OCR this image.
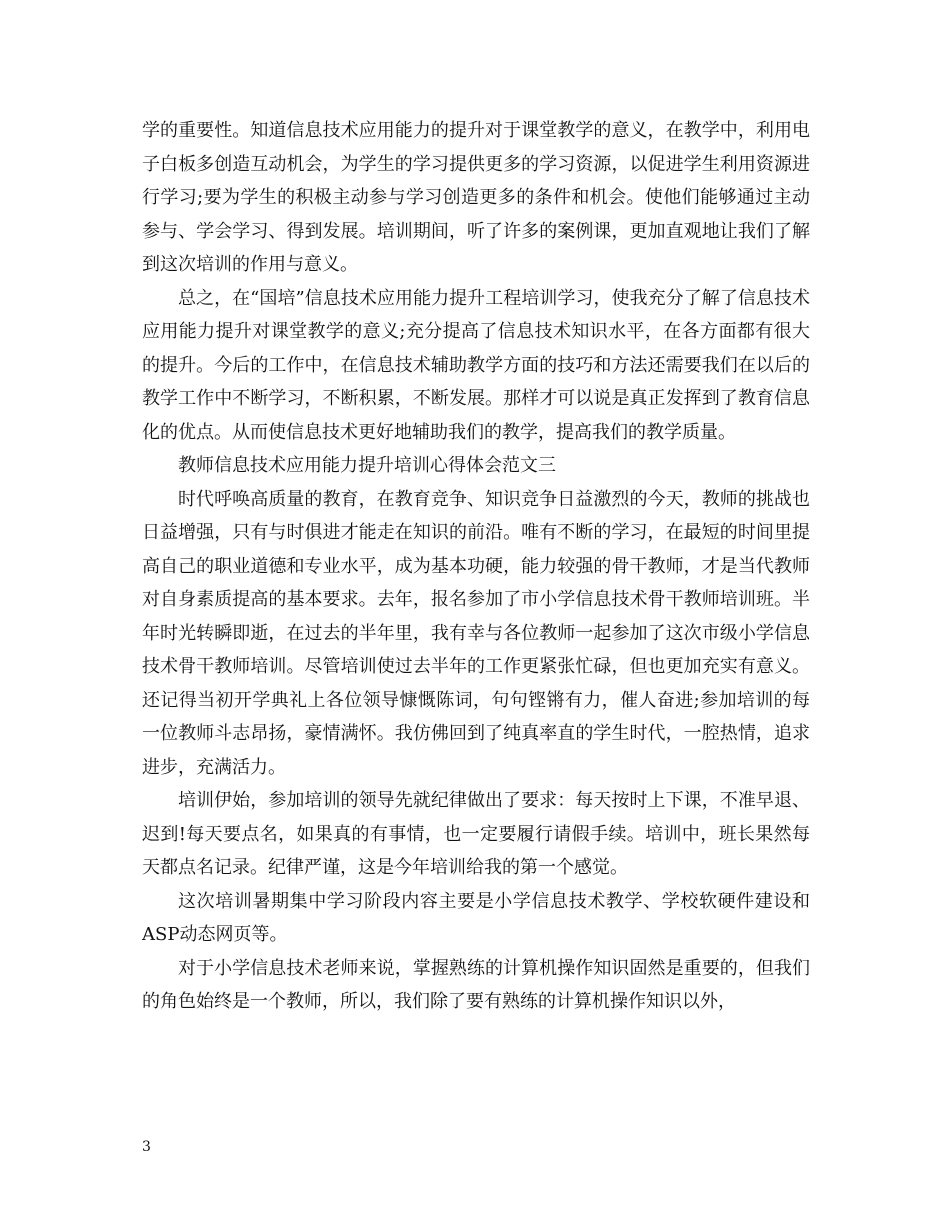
学的重要性。知道信息技术应用能力的提升对于课堂教学的意义，在教学中，利用电子白板多创造互动机会，为学生的学习提供更多的学习资源，以促进学生利用资源进行学习;要为学生的积极主动参与学习创造更多的条件和机会。使他们能够通过主动参与、学会学习、得到发展。培训期间，听了许多的案例课，更加直观地让我们了解到这次培训的作用与意义。

总之，在“国培”信息技术应用能力提升工程培训学习，使我充分了解了信息技术应用能力提升对课堂教学的意义;充分提高了信息技术知识水平，在各方面都有很大的提升。今后的工作中，在信息技术辅助教学方面的技巧和方法还需要我们在以后的教学工作中不断学习，不断积累，不断发展。那样才可以说是真正发挥到了教育信息化的优点。从而使信息技术更好地辅助我们的教学，提高我们的教学质量。

教师信息技术应用能力提升培训心得体会范文三

时代呼唤高质量的教育，在教育竞争、知识竞争日益激烈的今天，教师的挑战也日益增强，只有与时俱进才能走在知识的前沿。唯有不断的学习，在最短的时间里提高自己的职业道德和专业水平，成为基本功硬，能力较强的骨干教师，才是当代教师对自身素质提高的基本要求。去年，报名参加了市小学信息技术骨干教师培训班。半年时光转瞬即逝，在过去的半年里，我有幸与各位教师一起参加了这次市级小学信息技术骨干教师培训。尽管培训使过去半年的工作更紧张忙碌，但也更加充实有意义。还记得当初开学典礼上各位领导慷慨陈词，句句铿锵有力，催人奋进;参加培训的每一位教师斗志昂扬，豪情满怀。我仿佛回到了纯真率直的学生时代，一腔热情，追求进步，充满活力。

培训伊始，参加培训的领导先就纪律做出了要求：每天按时上下课，不准早退、迟到!每天要点名，如果真的有事情，也一定要履行请假手续。培训中，班长果然每天都点名记录。纪律严谨，这是今年培训给我的第一个感觉。

这次培训暑期集中学习阶段内容主要是小学信息技术教学、学校软硬件建设和ASP动态网页等。

对于小学信息技术老师来说，掌握熟练的计算机操作知识固然是重要的，但我们的角色始终是一个教师，所以，我们除了要有熟练的计算机操作知识以外，

3
